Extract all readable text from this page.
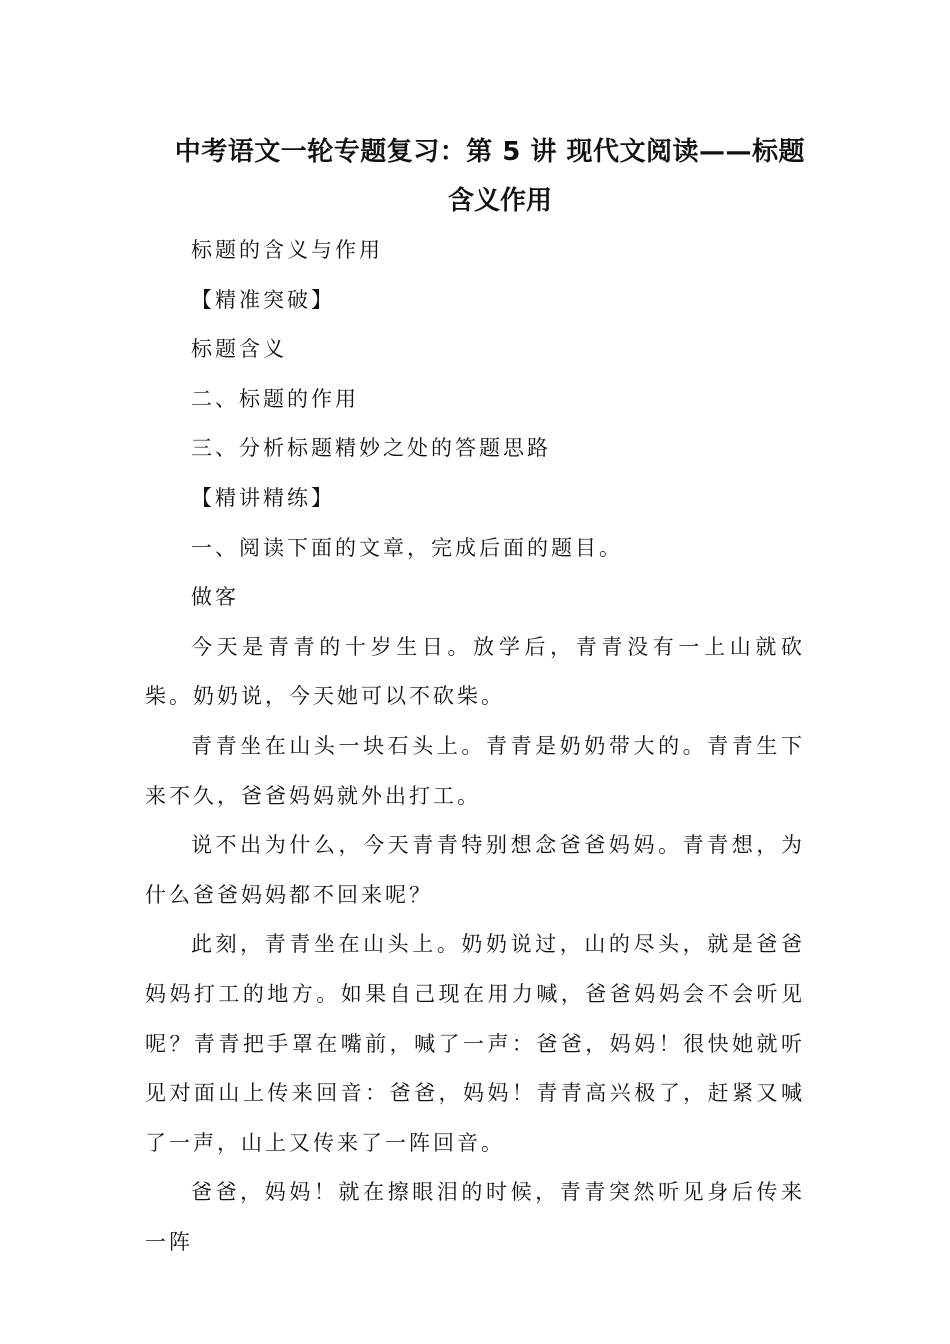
中考语文一轮专题复习：第 5 讲 现代文阅读——标题
含义作用

标题的含义与作用

【精准突破】

标题含义

二、标题的作用

三、分析标题精妙之处的答题思路

【精讲精练】

一、阅读下面的文章，完成后面的题目。

做客

今天是青青的十岁生日。放学后，青青没有一上山就砍柴。奶奶说，今天她可以不砍柴。

青青坐在山头一块石头上。青青是奶奶带大的。青青生下来不久，爸爸妈妈就外出打工。

说不出为什么，今天青青特别想念爸爸妈妈。青青想，为什么爸爸妈妈都不回来呢？

此刻，青青坐在山头上。奶奶说过，山的尽头，就是爸爸妈妈打工的地方。如果自己现在用力喊，爸爸妈妈会不会听见呢？青青把手罩在嘴前，喊了一声：爸爸，妈妈！很快她就听见对面山上传来回音：爸爸，妈妈！青青高兴极了，赶紧又喊了一声，山上又传来了一阵回音。

爸爸，妈妈！就在擦眼泪的时候，青青突然听见身后传来一阵
